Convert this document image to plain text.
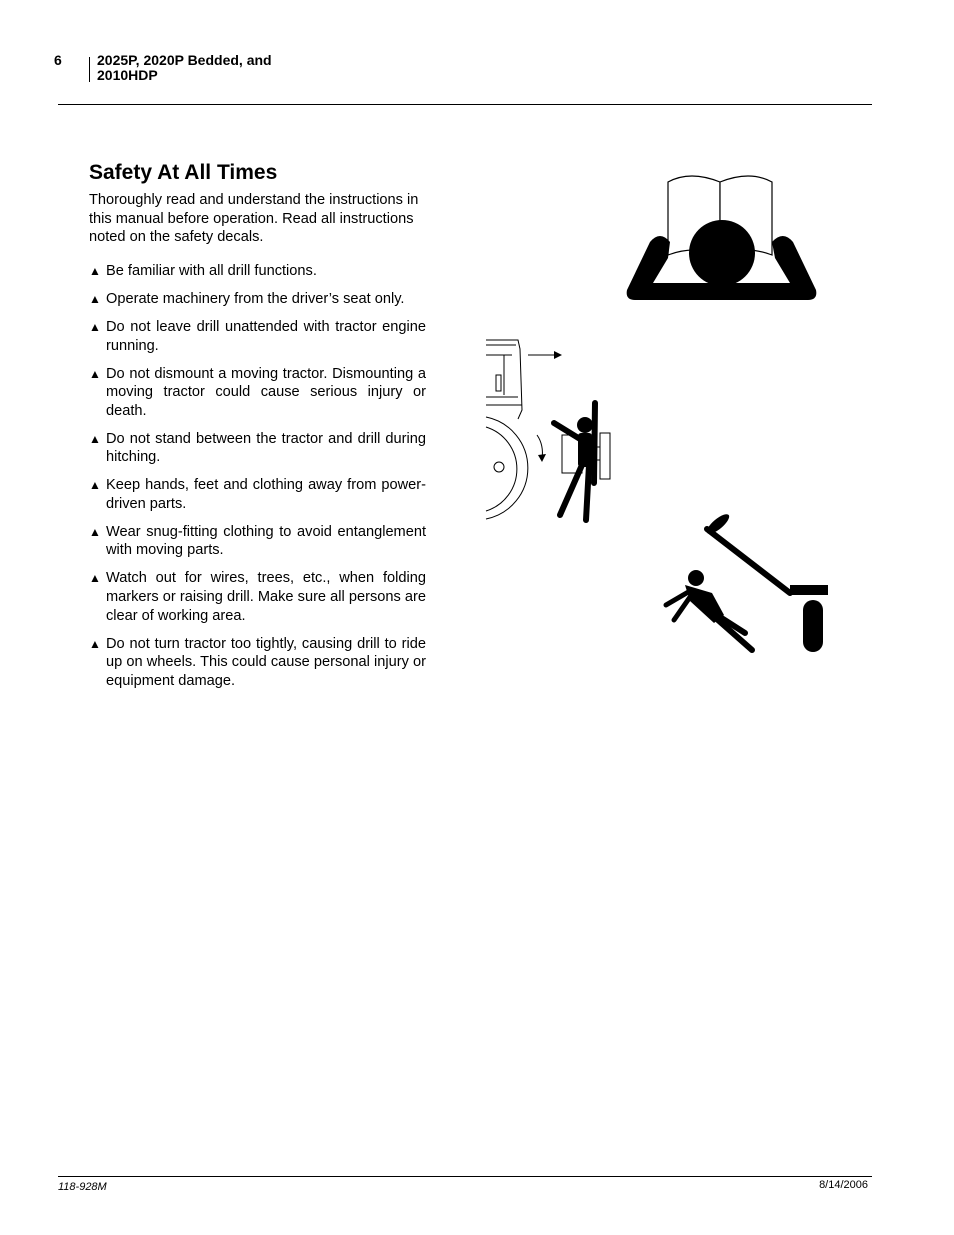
6	2025P, 2020P Bedded, and
2010HDP
Safety At All Times

Thoroughly read and understand the instructions in this manual before operation. Read all instructions noted on the safety decals.

▲ Be familiar with all drill functions.
▲ Operate machinery from the driver’s seat only.
▲ Do not leave drill unattended with tractor engine running.
▲ Do not dismount a moving tractor. Dismounting a moving tractor could cause serious injury or death.
▲ Do not stand between the tractor and drill during hitching.
▲ Keep hands, feet and clothing away from power-driven parts.
▲ Wear snug-fitting clothing to avoid entanglement with moving parts.
▲ Watch out for wires, trees, etc., when folding markers or raising drill. Make sure all persons are clear of working area.
▲ Do not turn tractor too tightly, causing drill to ride up on wheels. This could cause personal injury or equipment damage.
118-928M	8/14/2006
